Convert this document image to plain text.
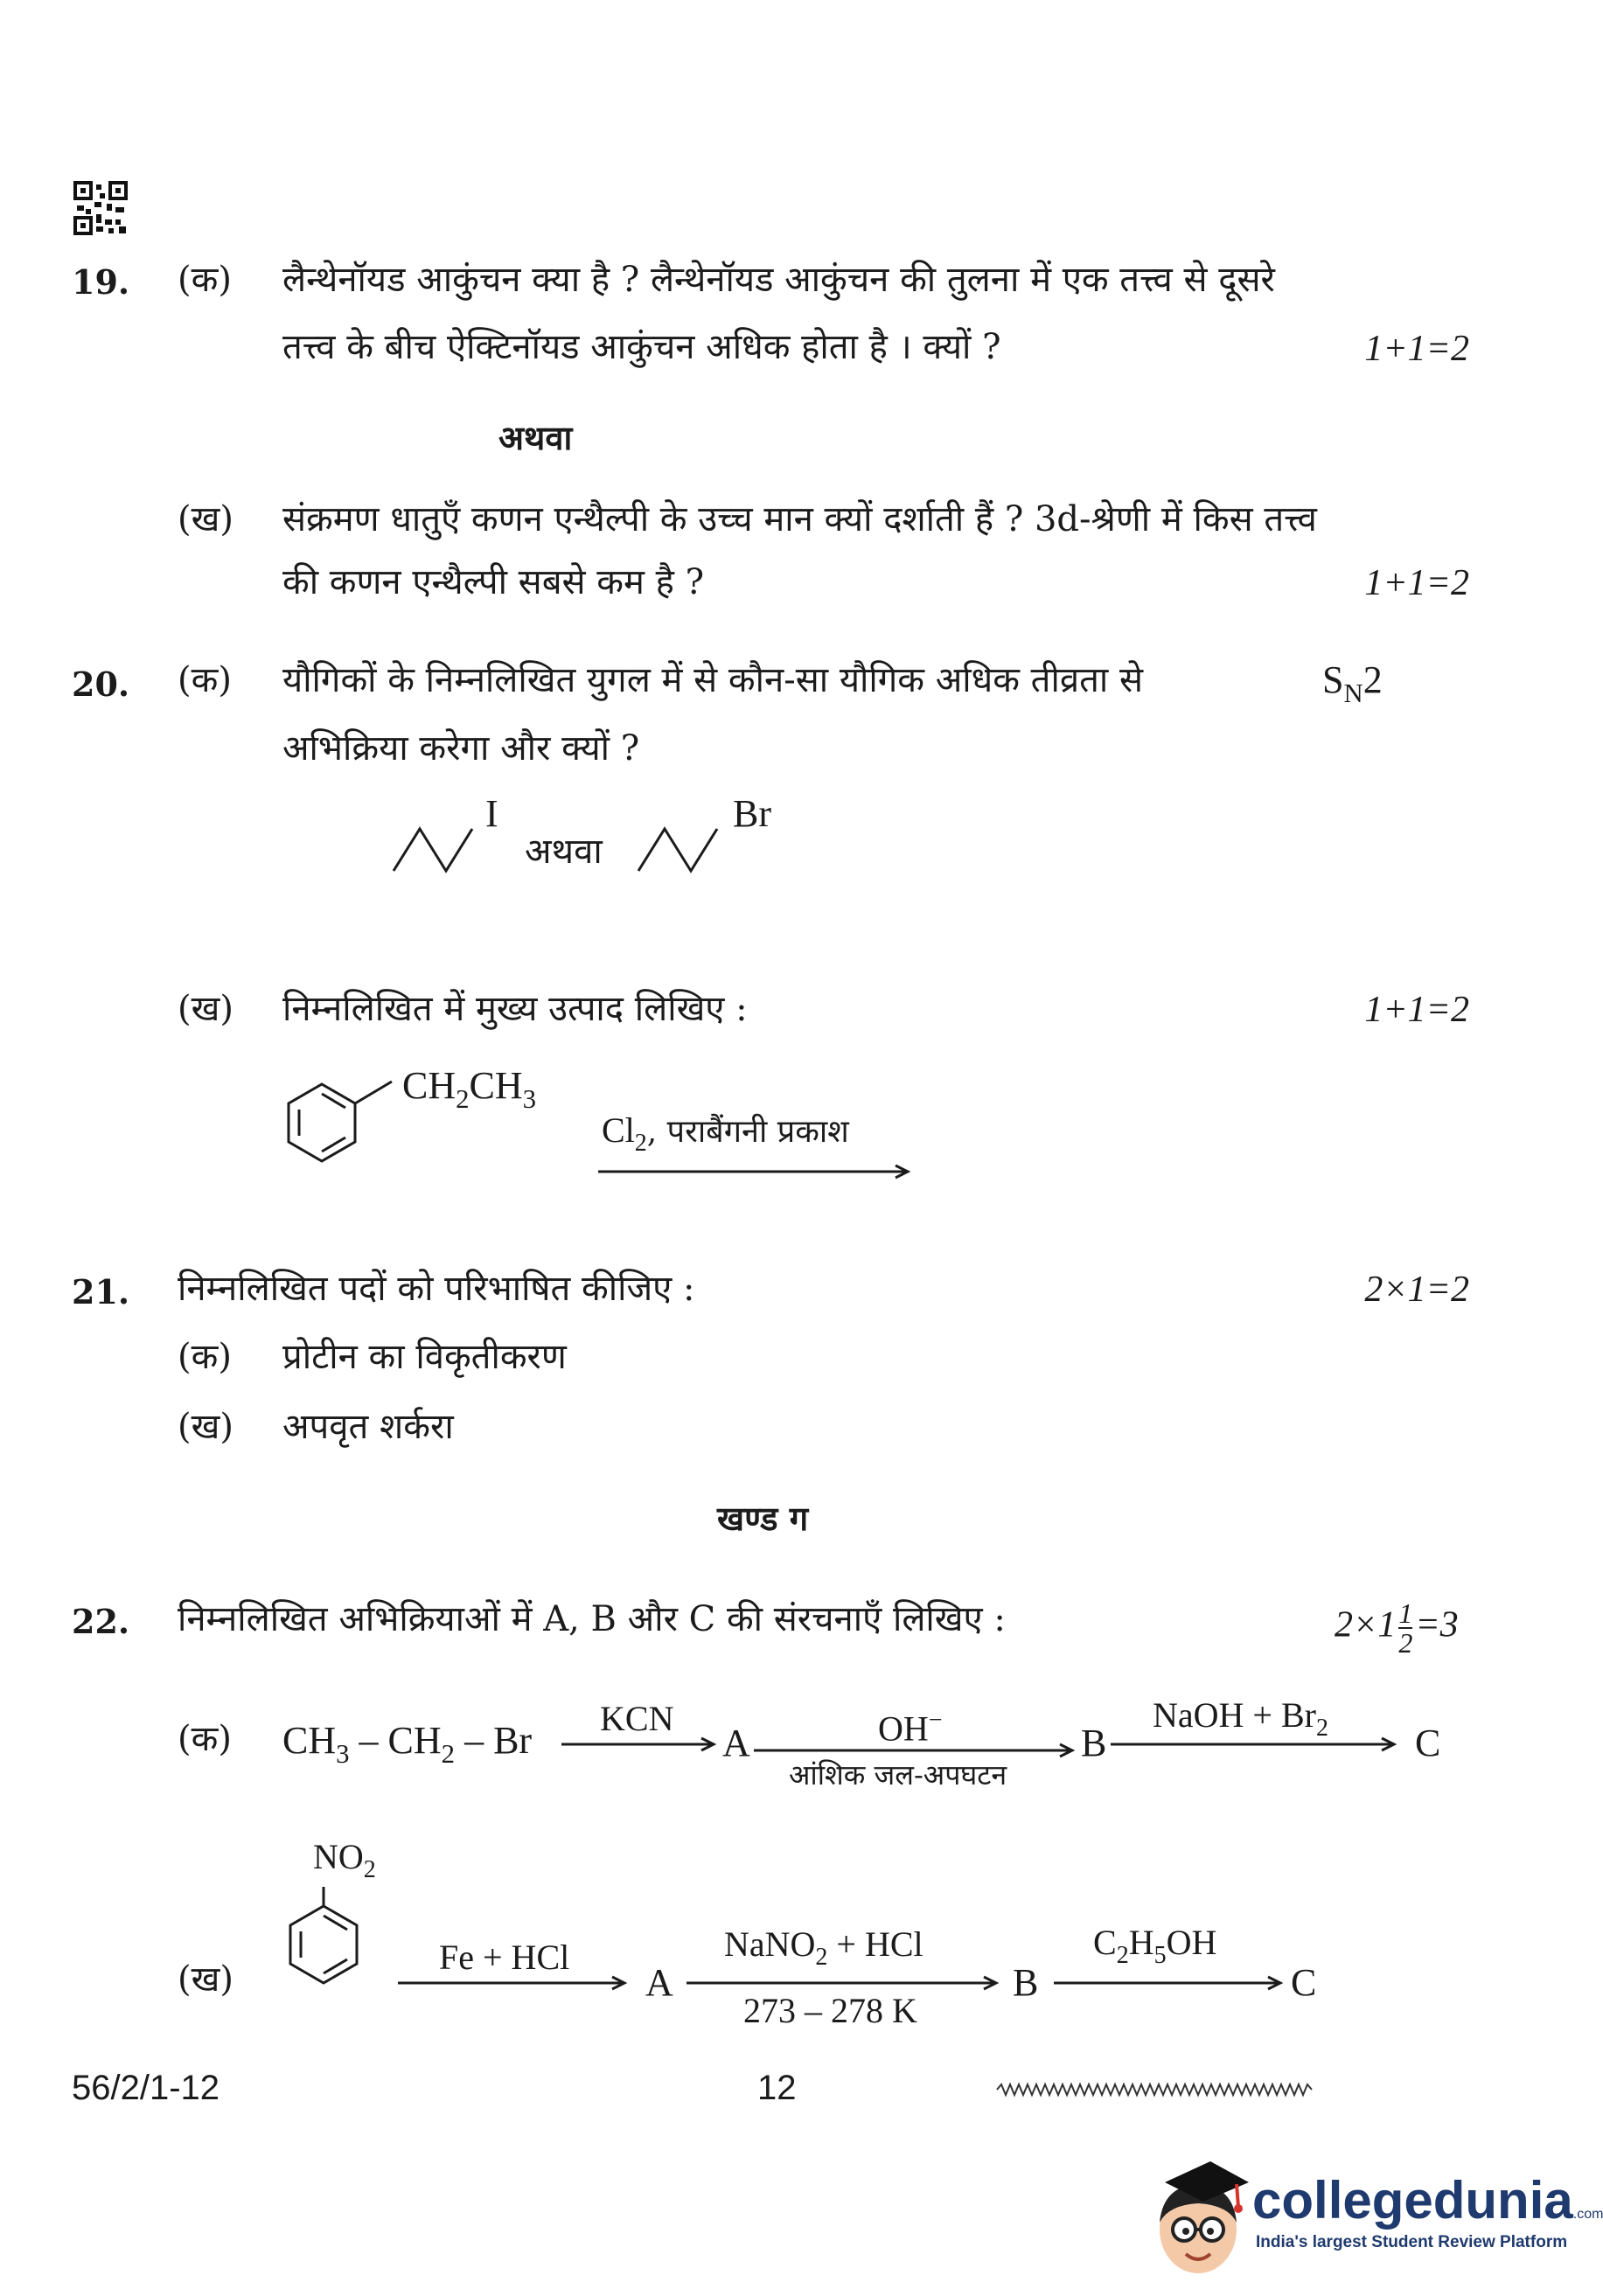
19. (क) लैन्थेनॉयड आकुंचन क्या है ? लैन्थेनॉयड आकुंचन की तुलना में एक तत्त्व से दूसरे
तत्त्व के बीच ऐक्टिनॉयड आकुंचन अधिक होता है । क्यों ?	1+1=2
अथवा
(ख) संक्रमण धातुएँ कणन एन्थैल्पी के उच्च मान क्यों दर्शाती हैं ? 3d-श्रेणी में किस तत्त्व
की कणन एन्थैल्पी सबसे कम है ?	1+1=2
20. (क) यौगिकों के निम्नलिखित युगल में से कौन-सा यौगिक अधिक तीव्रता से	$S_N2$
अभिक्रिया करेगा और क्यों ?
I
अथवा
Br
(ख) निम्नलिखित में मुख्य उत्पाद लिखिए :	1+1=2
$CH_2CH_3$
$Cl_2$, पराबैंगनी प्रकाश
21. निम्नलिखित पदों को परिभाषित कीजिए :	2×1=2
(क) प्रोटीन का विकृतीकरण
(ख) अपवृत शर्करा
खण्ड ग
22. निम्नलिखित अभिक्रियाओं में A, B और C की संरचनाएँ लिखिए :	$2\times 1 \frac{1}{2} =3$
(क) $CH_3 - CH_2$ – Br
KCN
A	OH−
आंशिक जल-अपघटन
B
NaOH + $Br_2$ C
$NO_2$
(ख)
Fe + HCl
A
NaNO$_2$ + HCl
273 – 278 K
B
$C_2H_5OH$
C
56/2/1-12	12
collegedunia.com
India's largest Student Review Platform
